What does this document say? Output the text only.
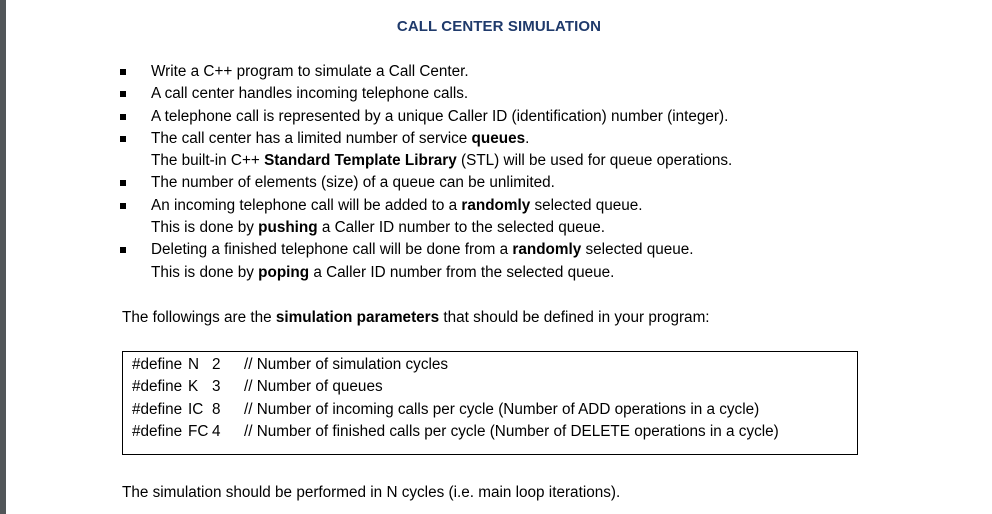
CALL CENTER SIMULATION
Write a C++ program to simulate a Call Center.
A call center handles incoming telephone calls.
A telephone call is represented by a unique Caller ID (identification) number (integer).
The call center has a limited number of service queues.
The built-in C++ Standard Template Library (STL) will be used for queue operations.
The number of elements (size) of a queue can be unlimited.
An incoming telephone call will be added to a randomly selected queue.
This is done by pushing a Caller ID number to the selected queue.
Deleting a finished telephone call will be done from a randomly selected queue.
This is done by poping a Caller ID number from the selected queue.
The followings are the simulation parameters that should be defined in your program:
#define N 2 // Number of simulation cycles
#define K 3 // Number of queues
#define IC 8 // Number of incoming calls per cycle (Number of ADD operations in a cycle)
#define FC 4 // Number of finished calls per cycle (Number of DELETE operations in a cycle)
The simulation should be performed in N cycles (i.e. main loop iterations).
